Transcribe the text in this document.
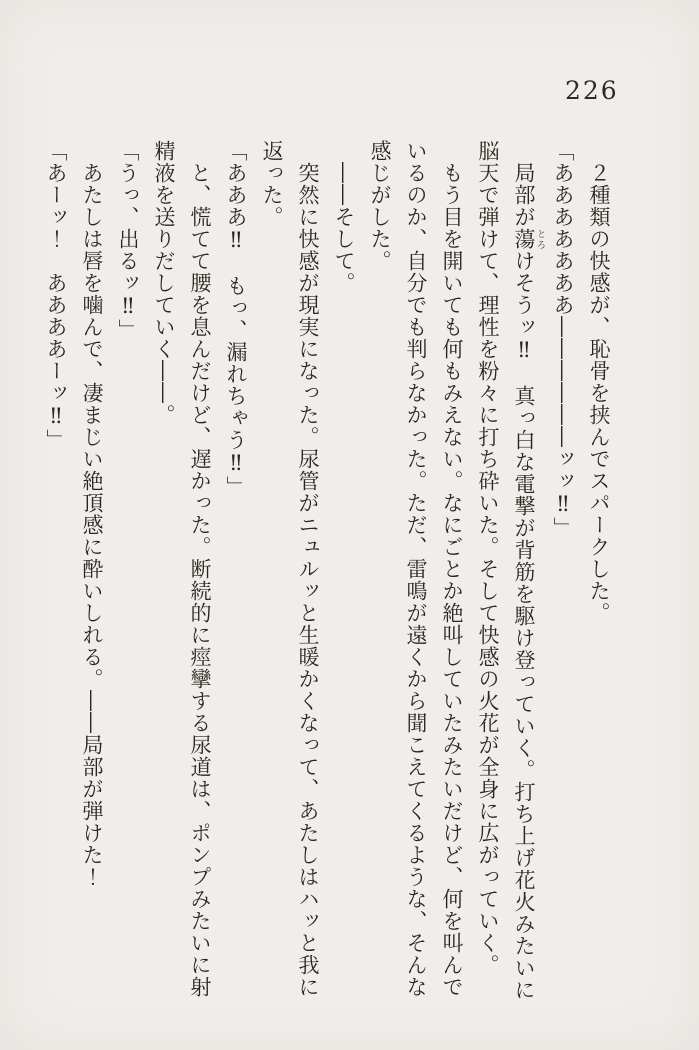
226

２種類の快感が、恥骨を挟んでスパークした。

「あああああああ――――――ッッ‼」

局部が蕩 とろけそうッ‼　真っ白な電撃が背筋を駆け登っていく。打ち上げ花火みたいに脳天で弾けて、理性を粉々に打ち砕いた。そして快感の火花が全身に広がっていく。

もう目を開いても何もみえない。なにごとか絶叫していたみたいだけど、何を叫んでいるのか、自分でも判らなかった。ただ、雷鳴が遠くから聞こえてくるような、そんな感じがした。

――そして。

突然に快感が現実になった。尿管がニュルッと生暖かくなって、あたしはハッと我に返った。

「あああ‼　もっ、漏れちゃう‼」

と、慌てて腰を息んだけど、遅かった。断続的に痙攣する尿道は、ポンプみたいに射精液を送りだしていく――。

「うっ、出るッ‼」

あたしは唇を噛んで、凄まじい絶頂感に酔いしれる。――局部が弾けた！

「あーッ！　ああああーッ‼」
